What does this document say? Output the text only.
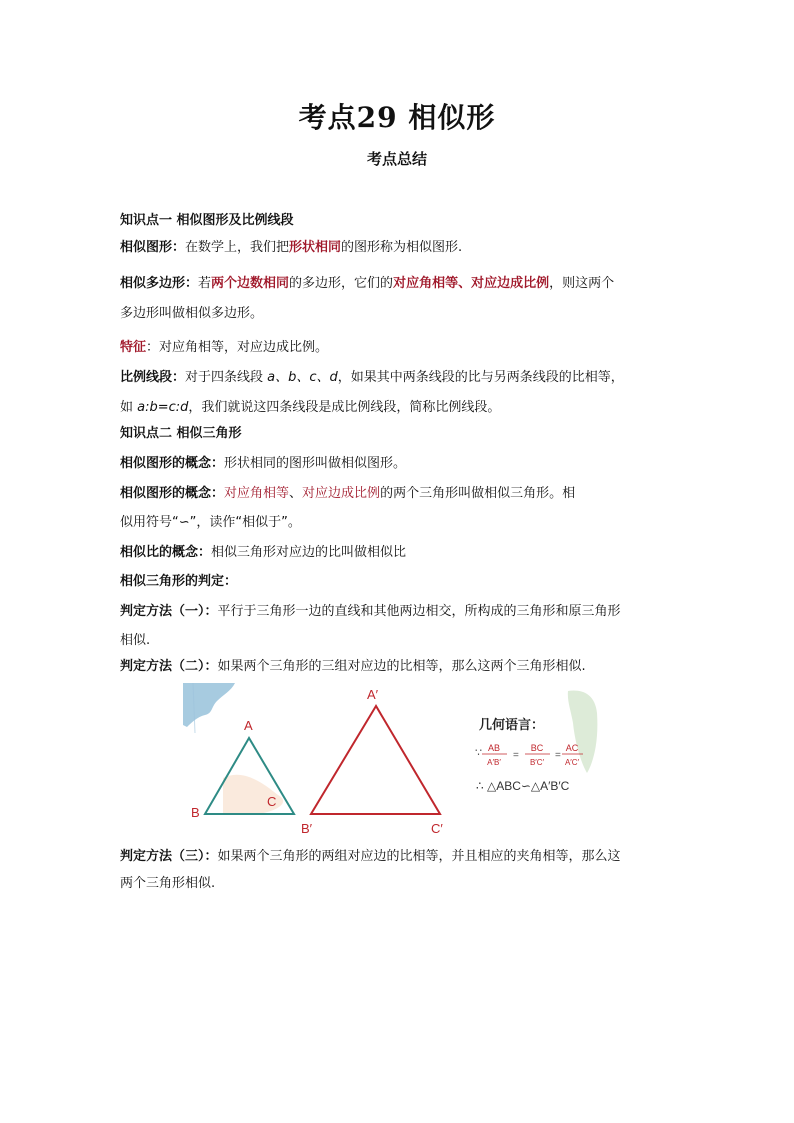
考点29 相似形
考点总结
知识点一 相似图形及比例线段
相似图形：在数学上，我们把形状相同的图形称为相似图形.
相似多边形：若两个边数相同的多边形，它们的对应角相等、对应边成比例，则这两个
多边形叫做相似多边形。
特征：对应角相等，对应边成比例。
比例线段：对于四条线段 a、b、c、d，如果其中两条线段的比与另两条线段的比相等，
如 a:b=c:d，我们就说这四条线段是成比例线段，简称比例线段。
知识点二 相似三角形
相似图形的概念：形状相同的图形叫做相似图形。
相似图形的概念：对应角相等、对应边成比例的两个三角形叫做相似三角形。相
似用符号“∽”，读作“相似于”。
相似比的概念：相似三角形对应边的比叫做相似比
相似三角形的判定：
判定方法（一）：平行于三角形一边的直线和其他两边相交，所构成的三角形和原三角形
相似.
判定方法（二）：如果两个三角形的三组对应边的比相等，那么这两个三角形相似.
A
B
C
A′
B′	C′
几何语言：
∵ AB
A′B′
=
BC
B′C′
=
AC
A′C′
∴ △ABC∽△A′B′C
判定方法（三）：如果两个三角形的两组对应边的比相等，并且相应的夹角相等，那么这
两个三角形相似.
